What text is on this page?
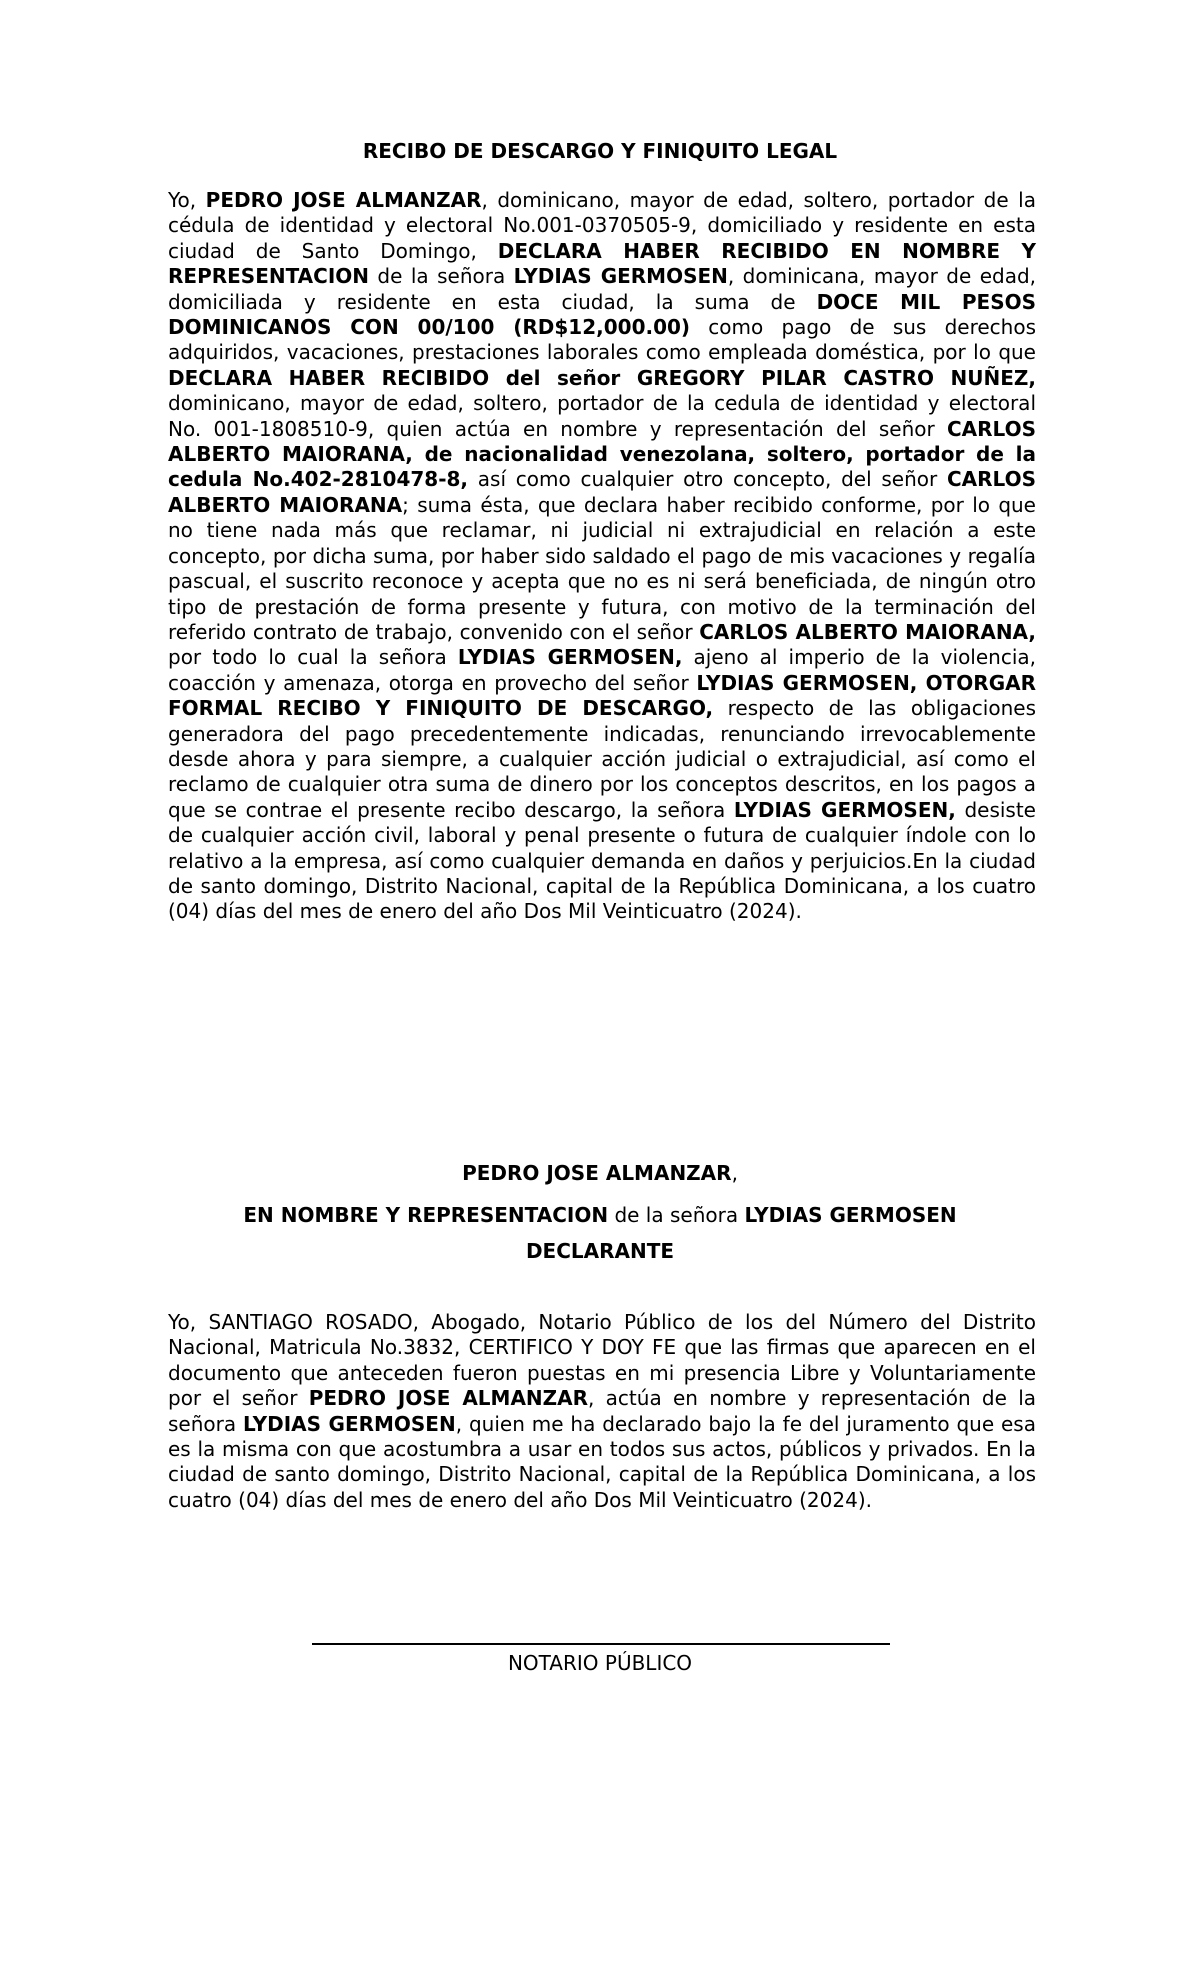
RECIBO DE DESCARGO Y FINIQUITO LEGAL
Yo, PEDRO JOSE ALMANZAR, dominicano, mayor de edad, soltero, portador de la cédula de identidad y electoral No.001-0370505-9, domiciliado y residente en esta ciudad de Santo Domingo, DECLARA HABER RECIBIDO EN NOMBRE Y REPRESENTACION de la señora LYDIAS GERMOSEN, dominicana, mayor de edad, domiciliada y residente en esta ciudad, la suma de DOCE MIL PESOS DOMINICANOS CON 00/100 (RD$12,000.00) como pago de sus derechos adquiridos, vacaciones, prestaciones laborales como empleada doméstica, por lo que DECLARA HABER RECIBIDO del señor GREGORY PILAR CASTRO NUÑEZ, dominicano, mayor de edad, soltero, portador de la cedula de identidad y electoral No. 001-1808510-9, quien actúa en nombre y representación del señor CARLOS ALBERTO MAIORANA, de nacionalidad venezolana, soltero, portador de la cedula No.402-2810478-8, así como cualquier otro concepto, del señor CARLOS ALBERTO MAIORANA; suma ésta, que declara haber recibido conforme, por lo que no tiene nada más que reclamar, ni judicial ni extrajudicial en relación a este concepto, por dicha suma, por haber sido saldado el pago de mis vacaciones y regalía pascual, el suscrito reconoce y acepta que no es ni será beneficiada, de ningún otro tipo de prestación de forma presente y futura, con motivo de la terminación del referido contrato de trabajo, convenido con el señor CARLOS ALBERTO MAIORANA, por todo lo cual la señora LYDIAS GERMOSEN, ajeno al imperio de la violencia, coacción y amenaza, otorga en provecho del señor LYDIAS GERMOSEN, OTORGAR FORMAL RECIBO Y FINIQUITO DE DESCARGO, respecto de las obligaciones generadora del pago precedentemente indicadas, renunciando irrevocablemente desde ahora y para siempre, a cualquier acción judicial o extrajudicial, así como el reclamo de cualquier otra suma de dinero por los conceptos descritos, en los pagos a que se contrae el presente recibo descargo, la señora LYDIAS GERMOSEN, desiste de cualquier acción civil, laboral y penal presente o futura de cualquier índole con lo relativo a la empresa, así como cualquier demanda en daños y perjuicios.En la ciudad de santo domingo, Distrito Nacional, capital de la República Dominicana, a los cuatro (04) días del mes de enero del año Dos Mil Veinticuatro (2024).
PEDRO JOSE ALMANZAR,
EN NOMBRE Y REPRESENTACION de la señora LYDIAS GERMOSEN
DECLARANTE
Yo, SANTIAGO ROSADO, Abogado, Notario Público de los del Número del Distrito Nacional, Matricula No.3832, CERTIFICO Y DOY FE que las firmas que aparecen en el documento que anteceden fueron puestas en mi presencia Libre y Voluntariamente por el señor PEDRO JOSE ALMANZAR, actúa en nombre y representación de la señora LYDIAS GERMOSEN, quien me ha declarado bajo la fe del juramento que esa es la misma con que acostumbra a usar en todos sus actos, públicos y privados. En la ciudad de santo domingo, Distrito Nacional, capital de la República Dominicana, a los cuatro (04) días del mes de enero del año Dos Mil Veinticuatro (2024).
NOTARIO PÚBLICO
